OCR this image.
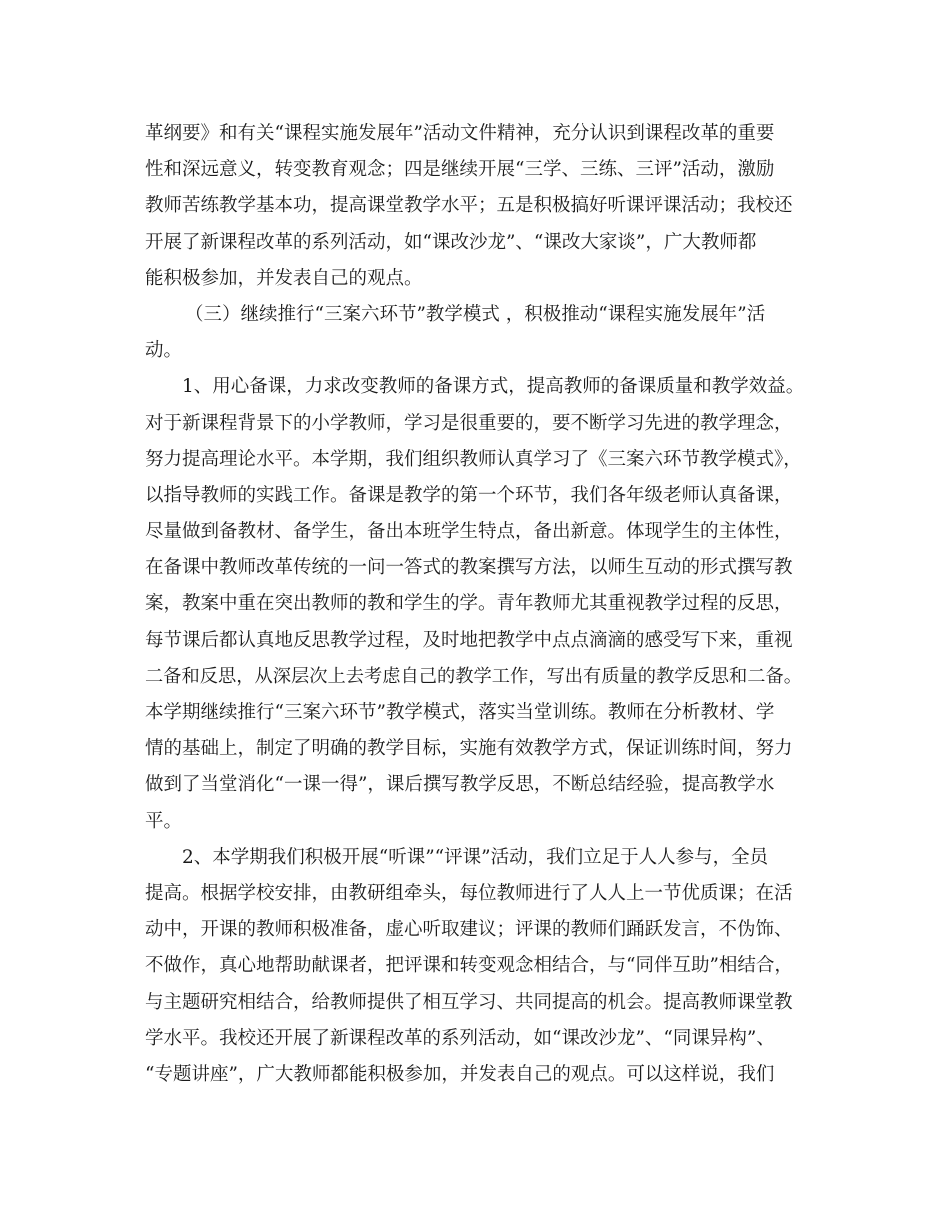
革纲要》和有关“课程实施发展年”活动文件精神，充分认识到课程改革的重要
性和深远意义，转变教育观念；四是继续开展“三学、三练、三评”活动，激励
教师苦练教学基本功，提高课堂教学水平；五是积极搞好听课评课活动；我校还
开展了新课程改革的系列活动，如“课改沙龙”、“课改大家谈”，广大教师都
能积极参加，并发表自己的观点。
（三）继续推行“三案六环节”教学模式 ，积极推动“课程实施发展年”活
动。
1、用心备课，力求改变教师的备课方式，提高教师的备课质量和教学效益。
对于新课程背景下的小学教师，学习是很重要的，要不断学习先进的教学理念，
努力提高理论水平。本学期，我们组织教师认真学习了《三案六环节教学模式》，
以指导教师的实践工作。备课是教学的第一个环节，我们各年级老师认真备课，
尽量做到备教材、备学生，备出本班学生特点，备出新意。体现学生的主体性，
在备课中教师改革传统的一问一答式的教案撰写方法，以师生互动的形式撰写教
案，教案中重在突出教师的教和学生的学。青年教师尤其重视教学过程的反思，
每节课后都认真地反思教学过程，及时地把教学中点点滴滴的感受写下来，重视
二备和反思，从深层次上去考虑自己的教学工作，写出有质量的教学反思和二备。
本学期继续推行“三案六环节”教学模式，落实当堂训练。教师在分析教材、学
情的基础上，制定了明确的教学目标，实施有效教学方式，保证训练时间，努力
做到了当堂消化“一课一得”，课后撰写教学反思，不断总结经验，提高教学水
平。
2、本学期我们积极开展“听课”“评课”活动，我们立足于人人参与，全员
提高。根据学校安排，由教研组牵头，每位教师进行了人人上一节优质课；在活
动中，开课的教师积极准备，虚心听取建议；评课的教师们踊跃发言，不伪饰、
不做作，真心地帮助献课者，把评课和转变观念相结合，与“同伴互助”相结合，
与主题研究相结合，给教师提供了相互学习、共同提高的机会。提高教师课堂教
学水平。我校还开展了新课程改革的系列活动，如“课改沙龙”、“同课异构”、
“专题讲座”，广大教师都能积极参加，并发表自己的观点。可以这样说，我们
